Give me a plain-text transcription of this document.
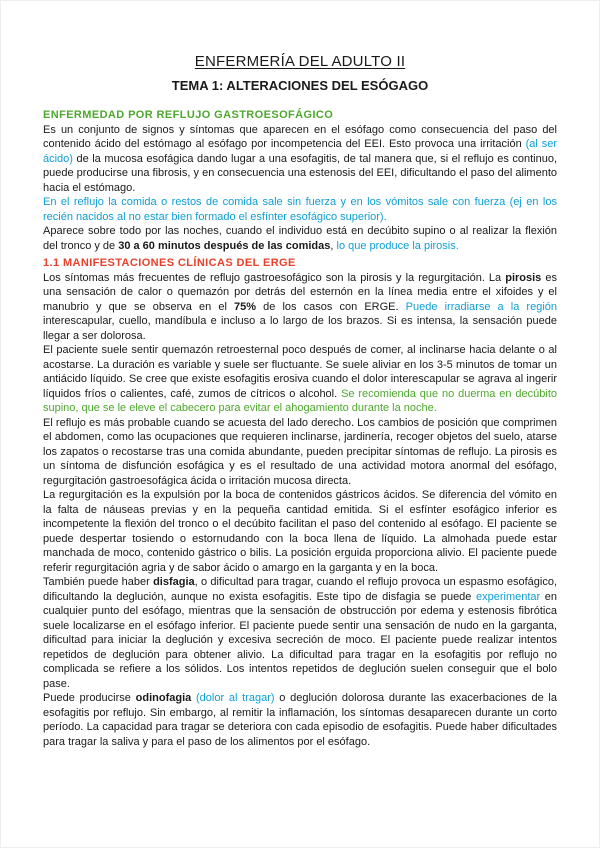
ENFERMERÍA DEL ADULTO II
TEMA 1: ALTERACIONES DEL ESÓGAGO
ENFERMEDAD POR REFLUJO GASTROESOFÁGICO

Es un conjunto de signos y síntomas que aparecen en el esófago como consecuencia del paso del contenido ácido del estómago al esófago por incompetencia del EEI. Esto provoca una irritación (al ser ácido) de la mucosa esofágica dando lugar a una esofagitis, de tal manera que, si el reflujo es continuo, puede producirse una fibrosis, y en consecuencia una estenosis del EEI, dificultando el paso del alimento hacia el estómago.

En el reflujo la comida o restos de comida sale sin fuerza y en los vómitos sale con fuerza (ej en los recién nacidos al no estar bien formado el esfínter esofágico superior).

Aparece sobre todo por las noches, cuando el individuo está en decúbito supino o al realizar la flexión del tronco y de 30 a 60 minutos después de las comidas, lo que produce la pirosis.

1.1 MANIFESTACIONES CLÍNICAS DEL ERGE

Los síntomas más frecuentes de reflujo gastroesofágico son la pirosis y la regurgitación. La pirosis es una sensación de calor o quemazón por detrás del esternón en la línea media entre el xifoides y el manubrio y que se observa en el 75% de los casos con ERGE. Puede irradiarse a la región interescapular, cuello, mandíbula e incluso a lo largo de los brazos. Si es intensa, la sensación puede llegar a ser dolorosa.

El paciente suele sentir quemazón retroesternal poco después de comer, al inclinarse hacia delante o al acostarse. La duración es variable y suele ser fluctuante. Se suele aliviar en los 3-5 minutos de tomar un antiácido líquido. Se cree que existe esofagitis erosiva cuando el dolor interescapular se agrava al ingerir líquidos fríos o calientes, café, zumos de cítricos o alcohol. Se recomienda que no duerma en decúbito supino, que se le eleve el cabecero para evitar el ahogamiento durante la noche.

El reflujo es más probable cuando se acuesta del lado derecho. Los cambios de posición que comprimen el abdomen, como las ocupaciones que requieren inclinarse, jardinería, recoger objetos del suelo, atarse los zapatos o recostarse tras una comida abundante, pueden precipitar síntomas de reflujo. La pirosis es un síntoma de disfunción esofágica y es el resultado de una actividad motora anormal del esófago, regurgitación gastroesofágica ácida o irritación mucosa directa.

La regurgitación es la expulsión por la boca de contenidos gástricos ácidos. Se diferencia del vómito en la falta de náuseas previas y en la pequeña cantidad emitida. Si el esfínter esofágico inferior es incompetente la flexión del tronco o el decúbito facilitan el paso del contenido al esófago. El paciente se puede despertar tosiendo o estornudando con la boca llena de líquido. La almohada puede estar manchada de moco, contenido gástrico o bilis. La posición erguida proporciona alivio. El paciente puede referir regurgitación agria y de sabor ácido o amargo en la garganta y en la boca.

También puede haber disfagia, o dificultad para tragar, cuando el reflujo provoca un espasmo esofágico, dificultando la deglución, aunque no exista esofagitis. Este tipo de disfagia se puede experimentar en cualquier punto del esófago, mientras que la sensación de obstrucción por edema y estenosis fibrótica suele localizarse en el esófago inferior. El paciente puede sentir una sensación de nudo en la garganta, dificultad para iniciar la deglución y excesiva secreción de moco. El paciente puede realizar intentos repetidos de deglución para obtener alivio. La dificultad para tragar en la esofagitis por reflujo no complicada se refiere a los sólidos. Los intentos repetidos de deglución suelen conseguir que el bolo pase.

Puede producirse odinofagia (dolor al tragar) o deglución dolorosa durante las exacerbaciones de la esofagitis por reflujo. Sin embargo, al remitir la inflamación, los síntomas desaparecen durante un corto período. La capacidad para tragar se deteriora con cada episodio de esofagitis. Puede haber dificultades para tragar la saliva y para el paso de los alimentos por el esófago.
